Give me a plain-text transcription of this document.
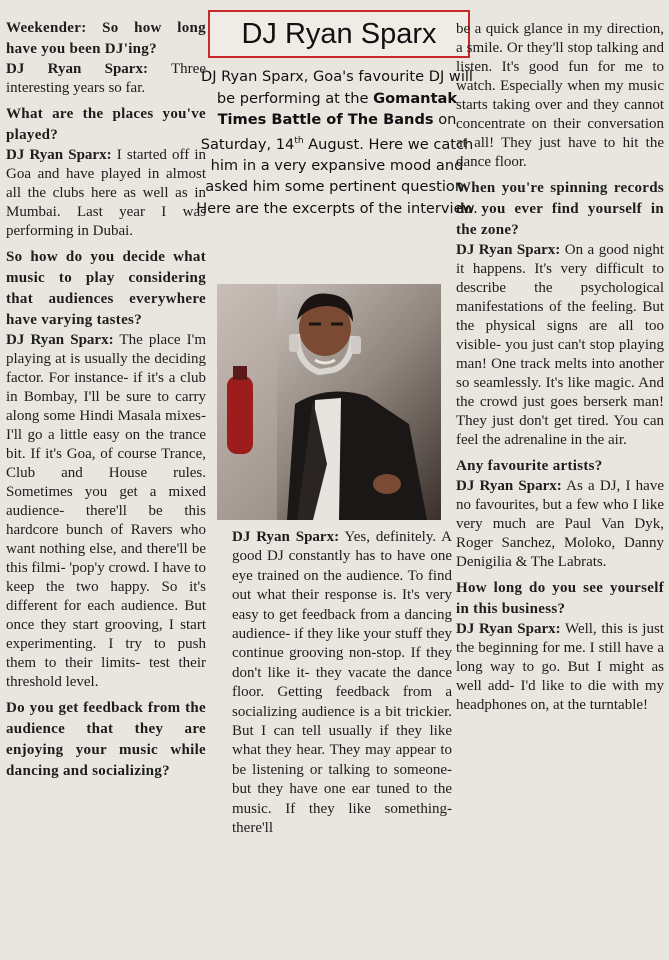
Weekender: So how long have you been DJ'ing?

DJ Ryan Sparx: Three interesting years so far.

What are the places you've played?

DJ Ryan Sparx: I started off in Goa and have played in almost all the clubs here as well as in Mumbai. Last year I was performing in Dubai.

So how do you decide what music to play considering that audiences everywhere have varying tastes?

DJ Ryan Sparx: The place I'm playing at is usually the deciding factor. For instance- if it's a club in Bombay, I'll be sure to carry along some Hindi Masala mixes- I'll go a little easy on the trance bit. If it's Goa, of course Trance, Club and House rules. Sometimes you get a mixed audience- there'll be this hardcore bunch of Ravers who want nothing else, and there'll be this filmi- 'pop'y crowd. I have to keep the two happy. So it's different for each audience. But once they start grooving, I start experimenting. I try to push them to their limits- test their threshold level.

Do you get feedback from the audience that they are enjoying your music while dancing and socializing?

DJ Ryan Sparx
DJ Ryan Sparx, Goa's favourite DJ will be performing at the Gomantak Times Battle of The Bands on Saturday, 14th August. Here we catch him in a very expansive mood and asked him some pertinent question. Here are the excerpts of the interview.

DJ Ryan Sparx: Yes, definitely. A good DJ constantly has to have one eye trained on the audience. To find out what their response is. It's very easy to get feedback from a dancing audience- if they like your stuff they continue grooving non-stop. If they don't like it- they vacate the dance floor. Getting feedback from a socializing audience is a bit trickier. But I can tell usually if they like what they hear. They may appear to be listening or talking to someone- but they have one ear tuned to the music. If they like something- there'll

be a quick glance in my direction, a smile. Or they'll stop talking and listen. It's good fun for me to watch. Especially when my music starts taking over and they cannot concentrate on their conversation at all! They just have to hit the dance floor.

When you're spinning records do you ever find yourself in the zone?

DJ Ryan Sparx: On a good night it happens. It's very difficult to describe the psychological manifestations of the feeling. But the physical signs are all too visible- you just can't stop playing man! One track melts into another so seamlessly. It's like magic. And the crowd just goes berserk man! They just don't get tired. You can feel the adrenaline in the air.

Any favourite artists?

DJ Ryan Sparx: As a DJ, I have no favourites, but a few who I like very much are Paul Van Dyk, Roger Sanchez, Moloko, Danny Denigilia & The Labrats.

How long do you see yourself in this business?

DJ Ryan Sparx: Well, this is just the beginning for me. I still have a long way to go. But I might as well add- I'd like to die with my headphones on, at the turntable!
